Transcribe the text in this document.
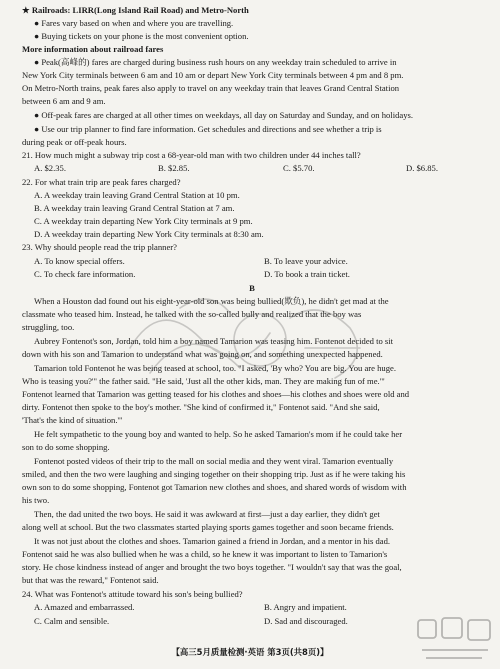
★ Railroads: LIRR(Long Island Rail Road) and Metro-North
● Fares vary based on when and where you are travelling.
● Buying tickets on your phone is the most convenient option.
More information about railroad fares
● Peak(高峰的) fares are charged during business rush hours on any weekday train scheduled to arrive in
New York City terminals between 6 am and 10 am or depart New York City terminals between 4 pm and 8 pm.
On Metro-North trains, peak fares also apply to travel on any weekday train that leaves Grand Central Station
between 6 am and 9 am.
● Off-peak fares are charged at all other times on weekdays, all day on Saturday and Sunday, and on holidays.
● Use our trip planner to find fare information. Get schedules and directions and see whether a trip is
during peak or off-peak hours.
21. How much might a subway trip cost a 68-year-old man with two children under 44 inches tall?
A. $2.35.	B. $2.85.	C. $5.70.	D. $6.85.
22. For what train trip are peak fares charged?
A. A weekday train leaving Grand Central Station at 10 pm.
B. A weekday train leaving Grand Central Station at 7 am.
C. A weekday train departing New York City terminals at 9 pm.
D. A weekday train departing New York City terminals at 8:30 am.
23. Why should people read the trip planner?
A. To know special offers.	B. To leave your advice.
C. To check fare information.	D. To book a train ticket.
B
When a Houston dad found out his eight-year-old son was being bullied(欺负), he didn't get mad at the
classmate who teased him. Instead, he talked with the so-called bully and realized that the boy was
struggling, too.
Aubrey Fontenot's son, Jordan, told him a boy named Tamarion was teasing him. Fontenot decided to sit
down with his son and Tamarion to understand what was going on, and something unexpected happened.
Tamarion told Fontenot he was being teased at school, too. "I asked, 'By who? You are big. You are huge.
Who is teasing you?'" the father said. "He said, 'Just all the other kids, man. They are making fun of me.'"
Fontenot learned that Tamarion was getting teased for his clothes and shoes—his clothes and shoes were old and
dirty. Fontenot then spoke to the boy's mother. "She kind of confirmed it," Fontenot said. "And she said,
'That's the kind of situation.'"
He felt sympathetic to the young boy and wanted to help. So he asked Tamarion's mom if he could take her
son to do some shopping.
Fontenot posted videos of their trip to the mall on social media and they went viral. Tamarion eventually
smiled, and then the two were laughing and singing together on their shopping trip. Just as if he were taking his
own son to do some shopping, Fontenot got Tamarion new clothes and shoes, and shared words of wisdom with
his two.
Then, the dad united the two boys. He said it was awkward at first—just a day earlier, they didn't get
along well at school. But the two classmates started playing sports games together and soon became friends.
It was not just about the clothes and shoes. Tamarion gained a friend in Jordan, and a mentor in his dad.
Fontenot said he was also bullied when he was a child, so he knew it was important to listen to Tamarion's
story. He chose kindness instead of anger and brought the two boys together. "I wouldn't say that was the goal,
but that was the reward," Fontenot said.
24. What was Fontenot's attitude toward his son's being bullied?
A. Amazed and embarrassed.	B. Angry and impatient.
C. Calm and sensible.	D. Sad and discouraged.
【高三5月质量检测·英语 第3页(共8页)】
